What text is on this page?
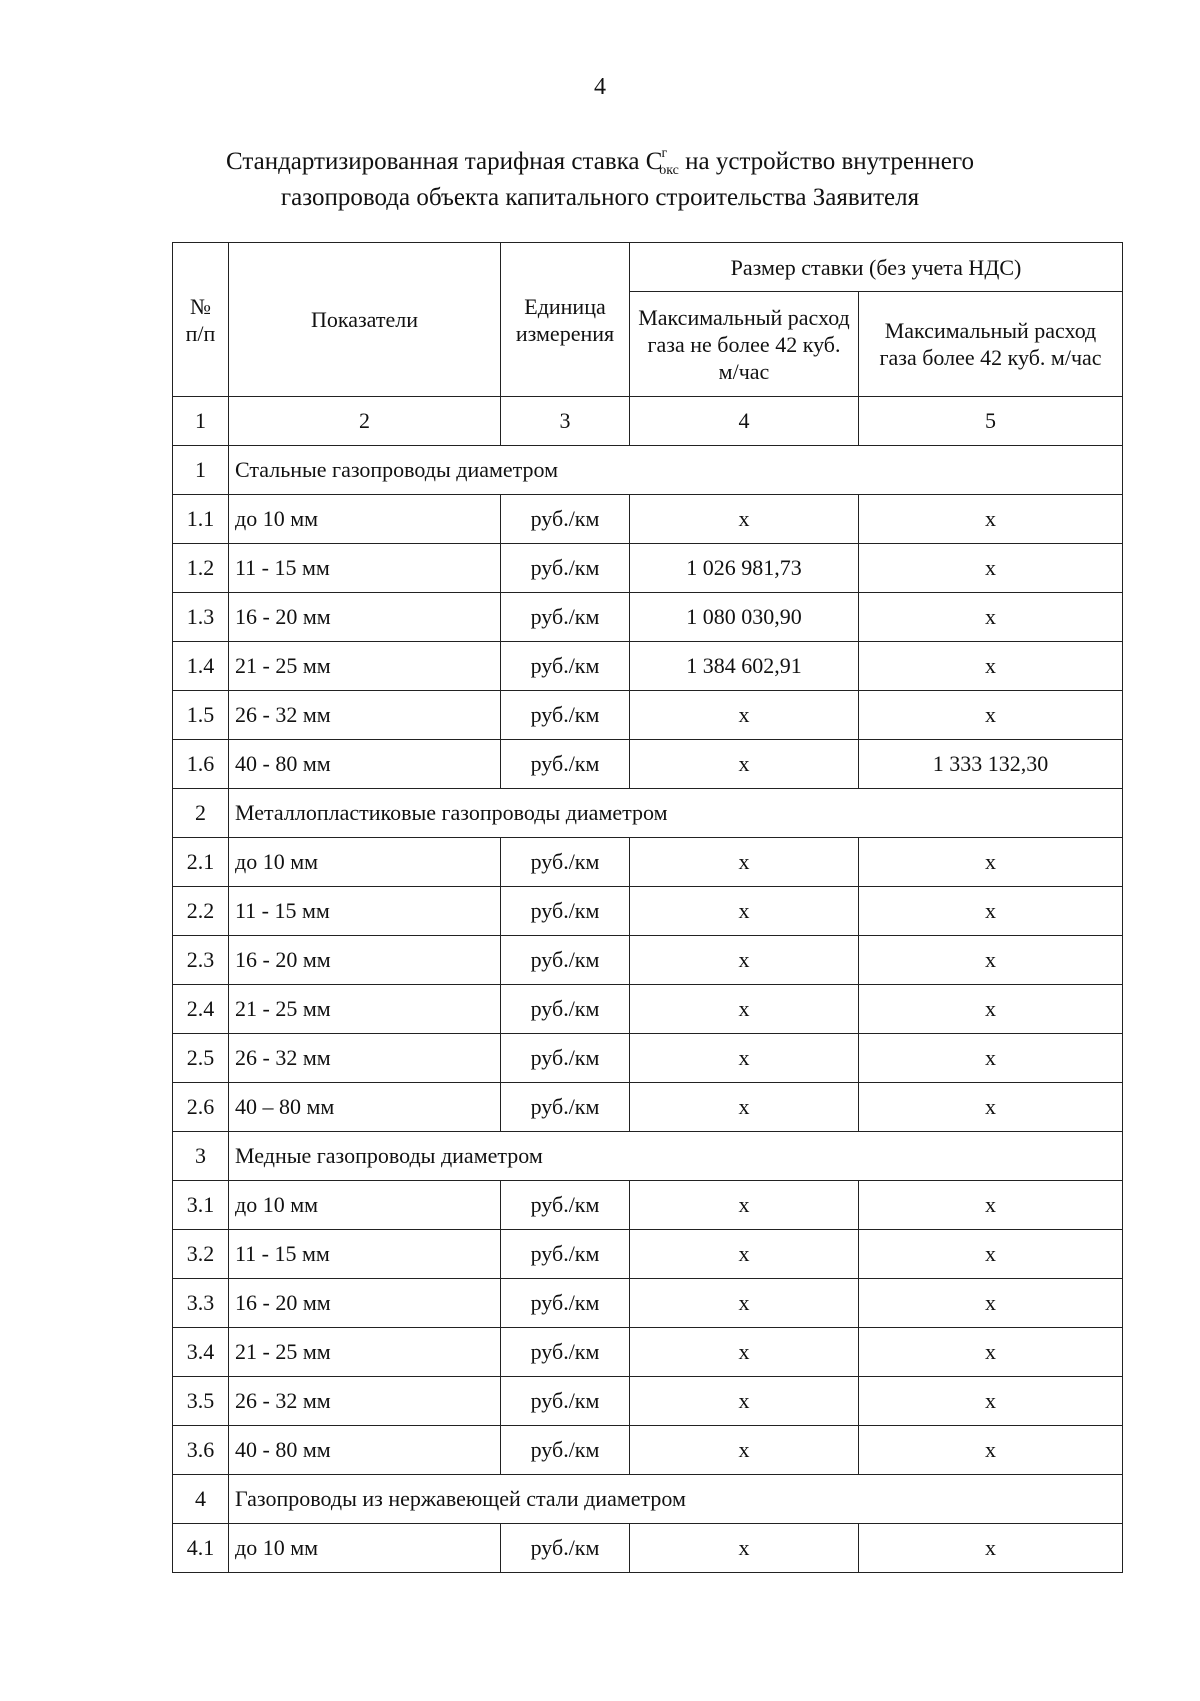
4
Стандартизированная тарифная ставка $С^г_{окс}$ на устройство внутреннего
газопровода объекта капитального строительства Заявителя
№ п/п	Показатели	Единица измерения	Размер ставки (без учета НДС)	
			Максимальный расход газа не более 42 куб. м/час	Максимальный расход газа более 42 куб. м/час
1	2	3	4	5
1	Стальные газопроводы диаметром			
1.1	до 10 мм	руб./км	х	х
1.2	11 - 15 мм	руб./км	1 026 981,73	х
1.3	16 - 20 мм	руб./км	1 080 030,90	х
1.4	21 - 25 мм	руб./км	1 384 602,91	х
1.5	26 - 32 мм	руб./км	х	х
1.6	40 - 80 мм	руб./км	х	1 333 132,30
2	Металлопластиковые газопроводы диаметром			
2.1	до 10 мм	руб./км	х	х
2.2	11 - 15 мм	руб./км	х	х
2.3	16 - 20 мм	руб./км	х	х
2.4	21 - 25 мм	руб./км	х	х
2.5	26 - 32 мм	руб./км	х	х
2.6	40 – 80 мм	руб./км	х	х
3	Медные газопроводы диаметром			
3.1	до 10 мм	руб./км	х	х
3.2	11 - 15 мм	руб./км	х	х
3.3	16 - 20 мм	руб./км	х	х
3.4	21 - 25 мм	руб./км	х	х
3.5	26 - 32 мм	руб./км	х	х
3.6	40 - 80 мм	руб./км	х	х
4	Газопроводы из нержавеющей стали диаметром			
4.1	до 10 мм	руб./км	х	х
